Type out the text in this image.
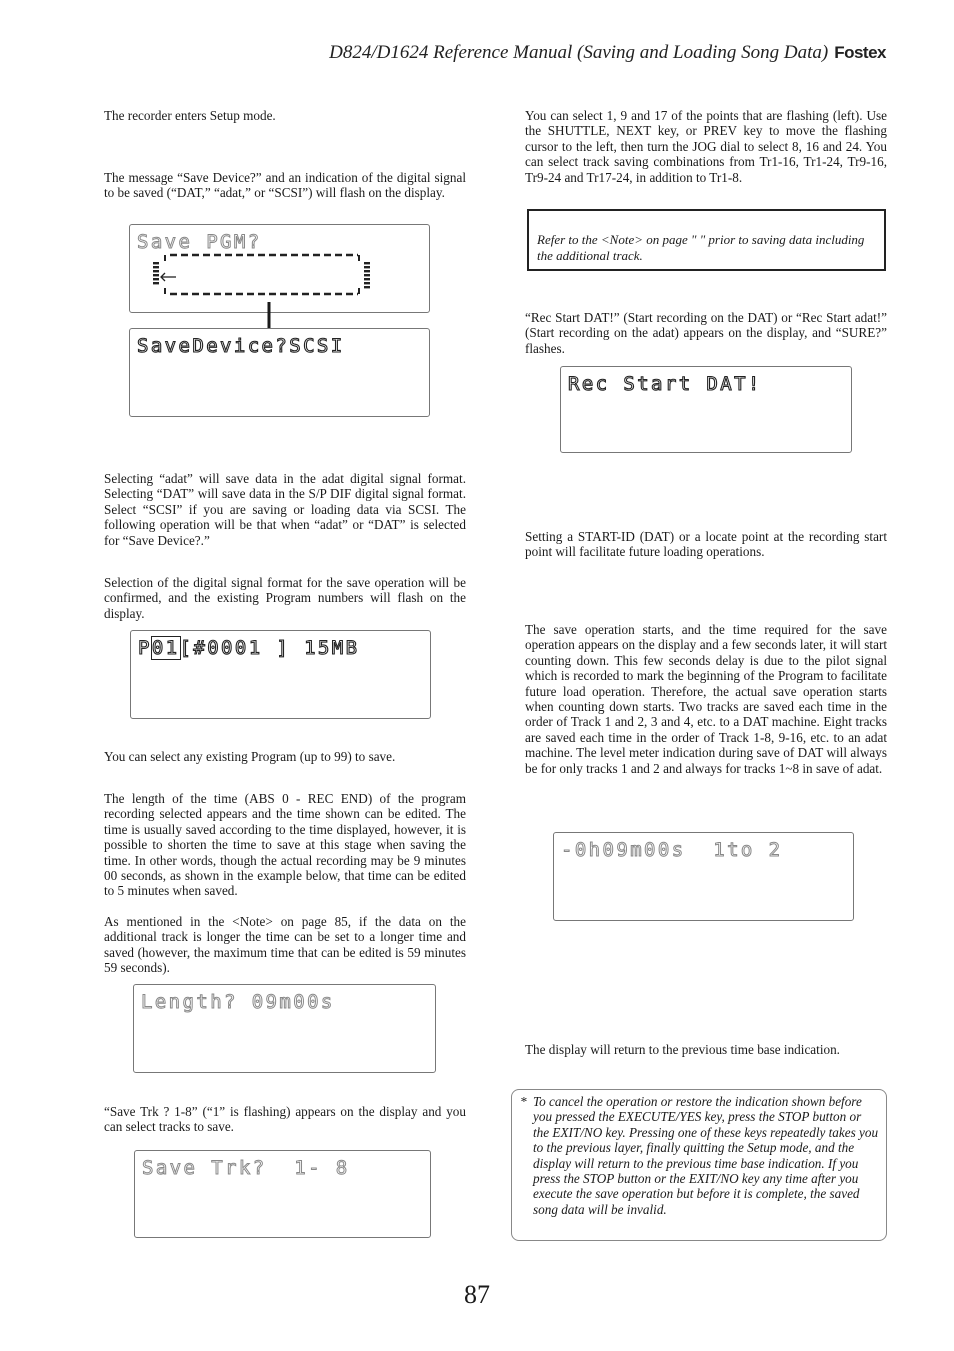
D824/D1624 Reference Manual (Saving and Loading Song Data) Fostex

The recorder enters Setup mode.

The message “Save Device?” and an indication of the digital signal to be saved (“DAT,” “adat,” or “SCSI”) will flash on the display.

Save PGM?
SaveDevice?SCSI

Selecting “adat” will save data in the adat digital signal format. Selecting “DAT” will save data in the S/P DIF digital signal format. Select “SCSI” if you are saving or loading data via SCSI. The following operation will be that when “adat” or “DAT” is selected for “Save Device?.”

Selection of the digital signal format for the save operation will be confirmed, and the existing Program numbers will flash on the display.

P01[#0001 ] 15MB

You can select any existing Program (up to 99) to save.

The length of the time (ABS 0 - REC END) of the program recording selected appears and the time shown can be edited. The time is usually saved according to the time displayed, however, it is possible to shorten the time to save at this stage when saving the time. In other words, though the actual recording may be 9 minutes 00 seconds, as shown in the example below, that time can be edited to 5 minutes when saved.

As mentioned in the <Note> on page 85, if the data on the additional track is longer the time can be set to a longer time and saved (however, the maximum time that can be edited is 59 minutes 59 seconds).

Length? 09m00s

“Save Trk ? 1-8” (“1” is flashing) appears on the display and you can select tracks to save.

Save Trk?  1- 8

You can select 1, 9 and 17 of the points that are flashing (left). Use the SHUTTLE, NEXT key, or PREV key to move the flashing cursor to the left, then turn the JOG dial to select 8, 16 and 24. You can select track saving combinations from Tr1-16, Tr1-24, Tr9-16, Tr9-24 and Tr17-24, in addition to Tr1-8.

Refer to the <Note> on page " " prior to saving data including the additional track.

“Rec Start DAT!” (Start recording on the DAT) or “Rec Start adat!” (Start recording on the adat) appears on the display, and “SURE?” flashes.

Rec Start DAT!

Setting a START-ID (DAT) or a locate point at the recording start point will facilitate future loading operations.

The save operation starts, and the time required for the save operation appears on the display and a few seconds later, it will start counting down. This few seconds delay is due to the pilot signal which is recorded to mark the beginning of the Program to facilitate future load operation. Therefore, the actual save operation starts when counting down starts. Two tracks are saved each time in the order of Track 1 and 2, 3 and 4, etc. to a DAT machine. Eight tracks are saved each time in the order of Track 1-8, 9-16, etc. to an adat machine. The level meter indication during save of DAT will always be for only tracks 1 and 2 and always for tracks 1~8 in save of adat.

-0h09m00s  1to 2

The display will return to the previous time base indication.

* To cancel the operation or restore the indication shown before you pressed the EXECUTE/YES key, press the STOP button or the EXIT/NO key. Pressing one of these keys repeatedly takes you to the previous layer, finally quitting the Setup mode, and the display will return to the previous time base indication. If you press the STOP button or the EXIT/NO key any time after you execute the save operation but before it is complete, the saved song data will be invalid.

87
